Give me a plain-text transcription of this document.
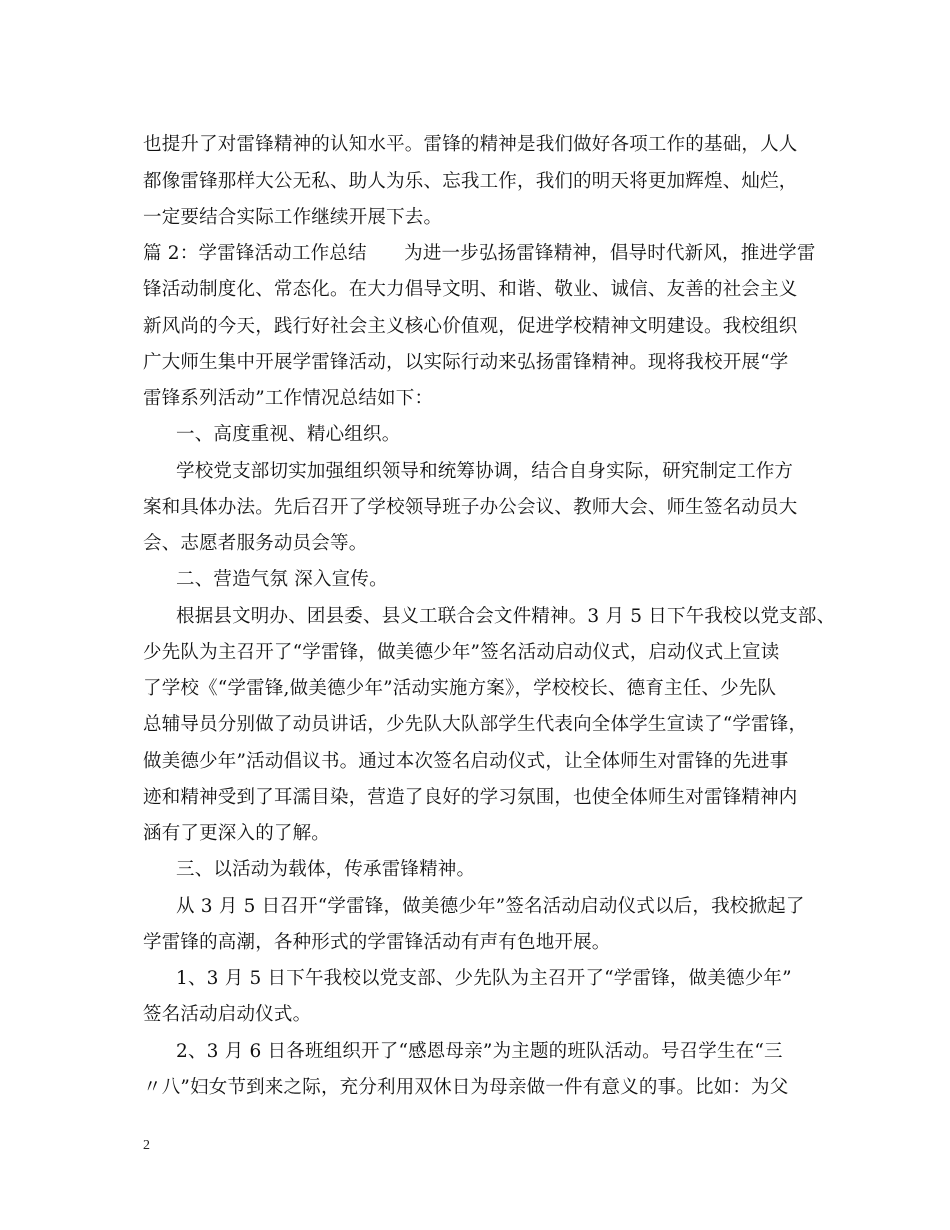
也提升了对雷锋精神的认知水平。雷锋的精神是我们做好各项工作的基础，人人
都像雷锋那样大公无私、助人为乐、忘我工作，我们的明天将更加辉煌、灿烂，
一定要结合实际工作继续开展下去。
篇 2：学雷锋活动工作总结　　为进一步弘扬雷锋精神，倡导时代新风，推进学雷
锋活动制度化、常态化。在大力倡导文明、和谐、敬业、诚信、友善的社会主义
新风尚的今天，践行好社会主义核心价值观，促进学校精神文明建设。我校组织
广大师生集中开展学雷锋活动，以实际行动来弘扬雷锋精神。现将我校开展“学
雷锋系列活动”工作情况总结如下：
一、高度重视、精心组织。
学校党支部切实加强组织领导和统筹协调，结合自身实际，研究制定工作方
案和具体办法。先后召开了学校领导班子办公会议、教师大会、师生签名动员大
会、志愿者服务动员会等。
二、营造气氛 深入宣传。
根据县文明办、团县委、县义工联合会文件精神。3 月 5 日下午我校以党支部、
少先队为主召开了“学雷锋，做美德少年”签名活动启动仪式，启动仪式上宣读
了学校《“学雷锋,做美德少年”活动实施方案》，学校校长、德育主任、少先队
总辅导员分别做了动员讲话，少先队大队部学生代表向全体学生宣读了“学雷锋，
做美德少年”活动倡议书。通过本次签名启动仪式，让全体师生对雷锋的先进事
迹和精神受到了耳濡目染，营造了良好的学习氛围，也使全体师生对雷锋精神内
涵有了更深入的了解。
三、以活动为载体，传承雷锋精神。
从 3 月 5 日召开“学雷锋，做美德少年”签名活动启动仪式以后，我校掀起了
学雷锋的高潮，各种形式的学雷锋活动有声有色地开展。
1、3 月 5 日下午我校以党支部、少先队为主召开了“学雷锋，做美德少年”
签名活动启动仪式。
2、3 月 6 日各班组织开了“感恩母亲”为主题的班队活动。号召学生在“三
〃八”妇女节到来之际，充分利用双休日为母亲做一件有意义的事。比如：为父
2
